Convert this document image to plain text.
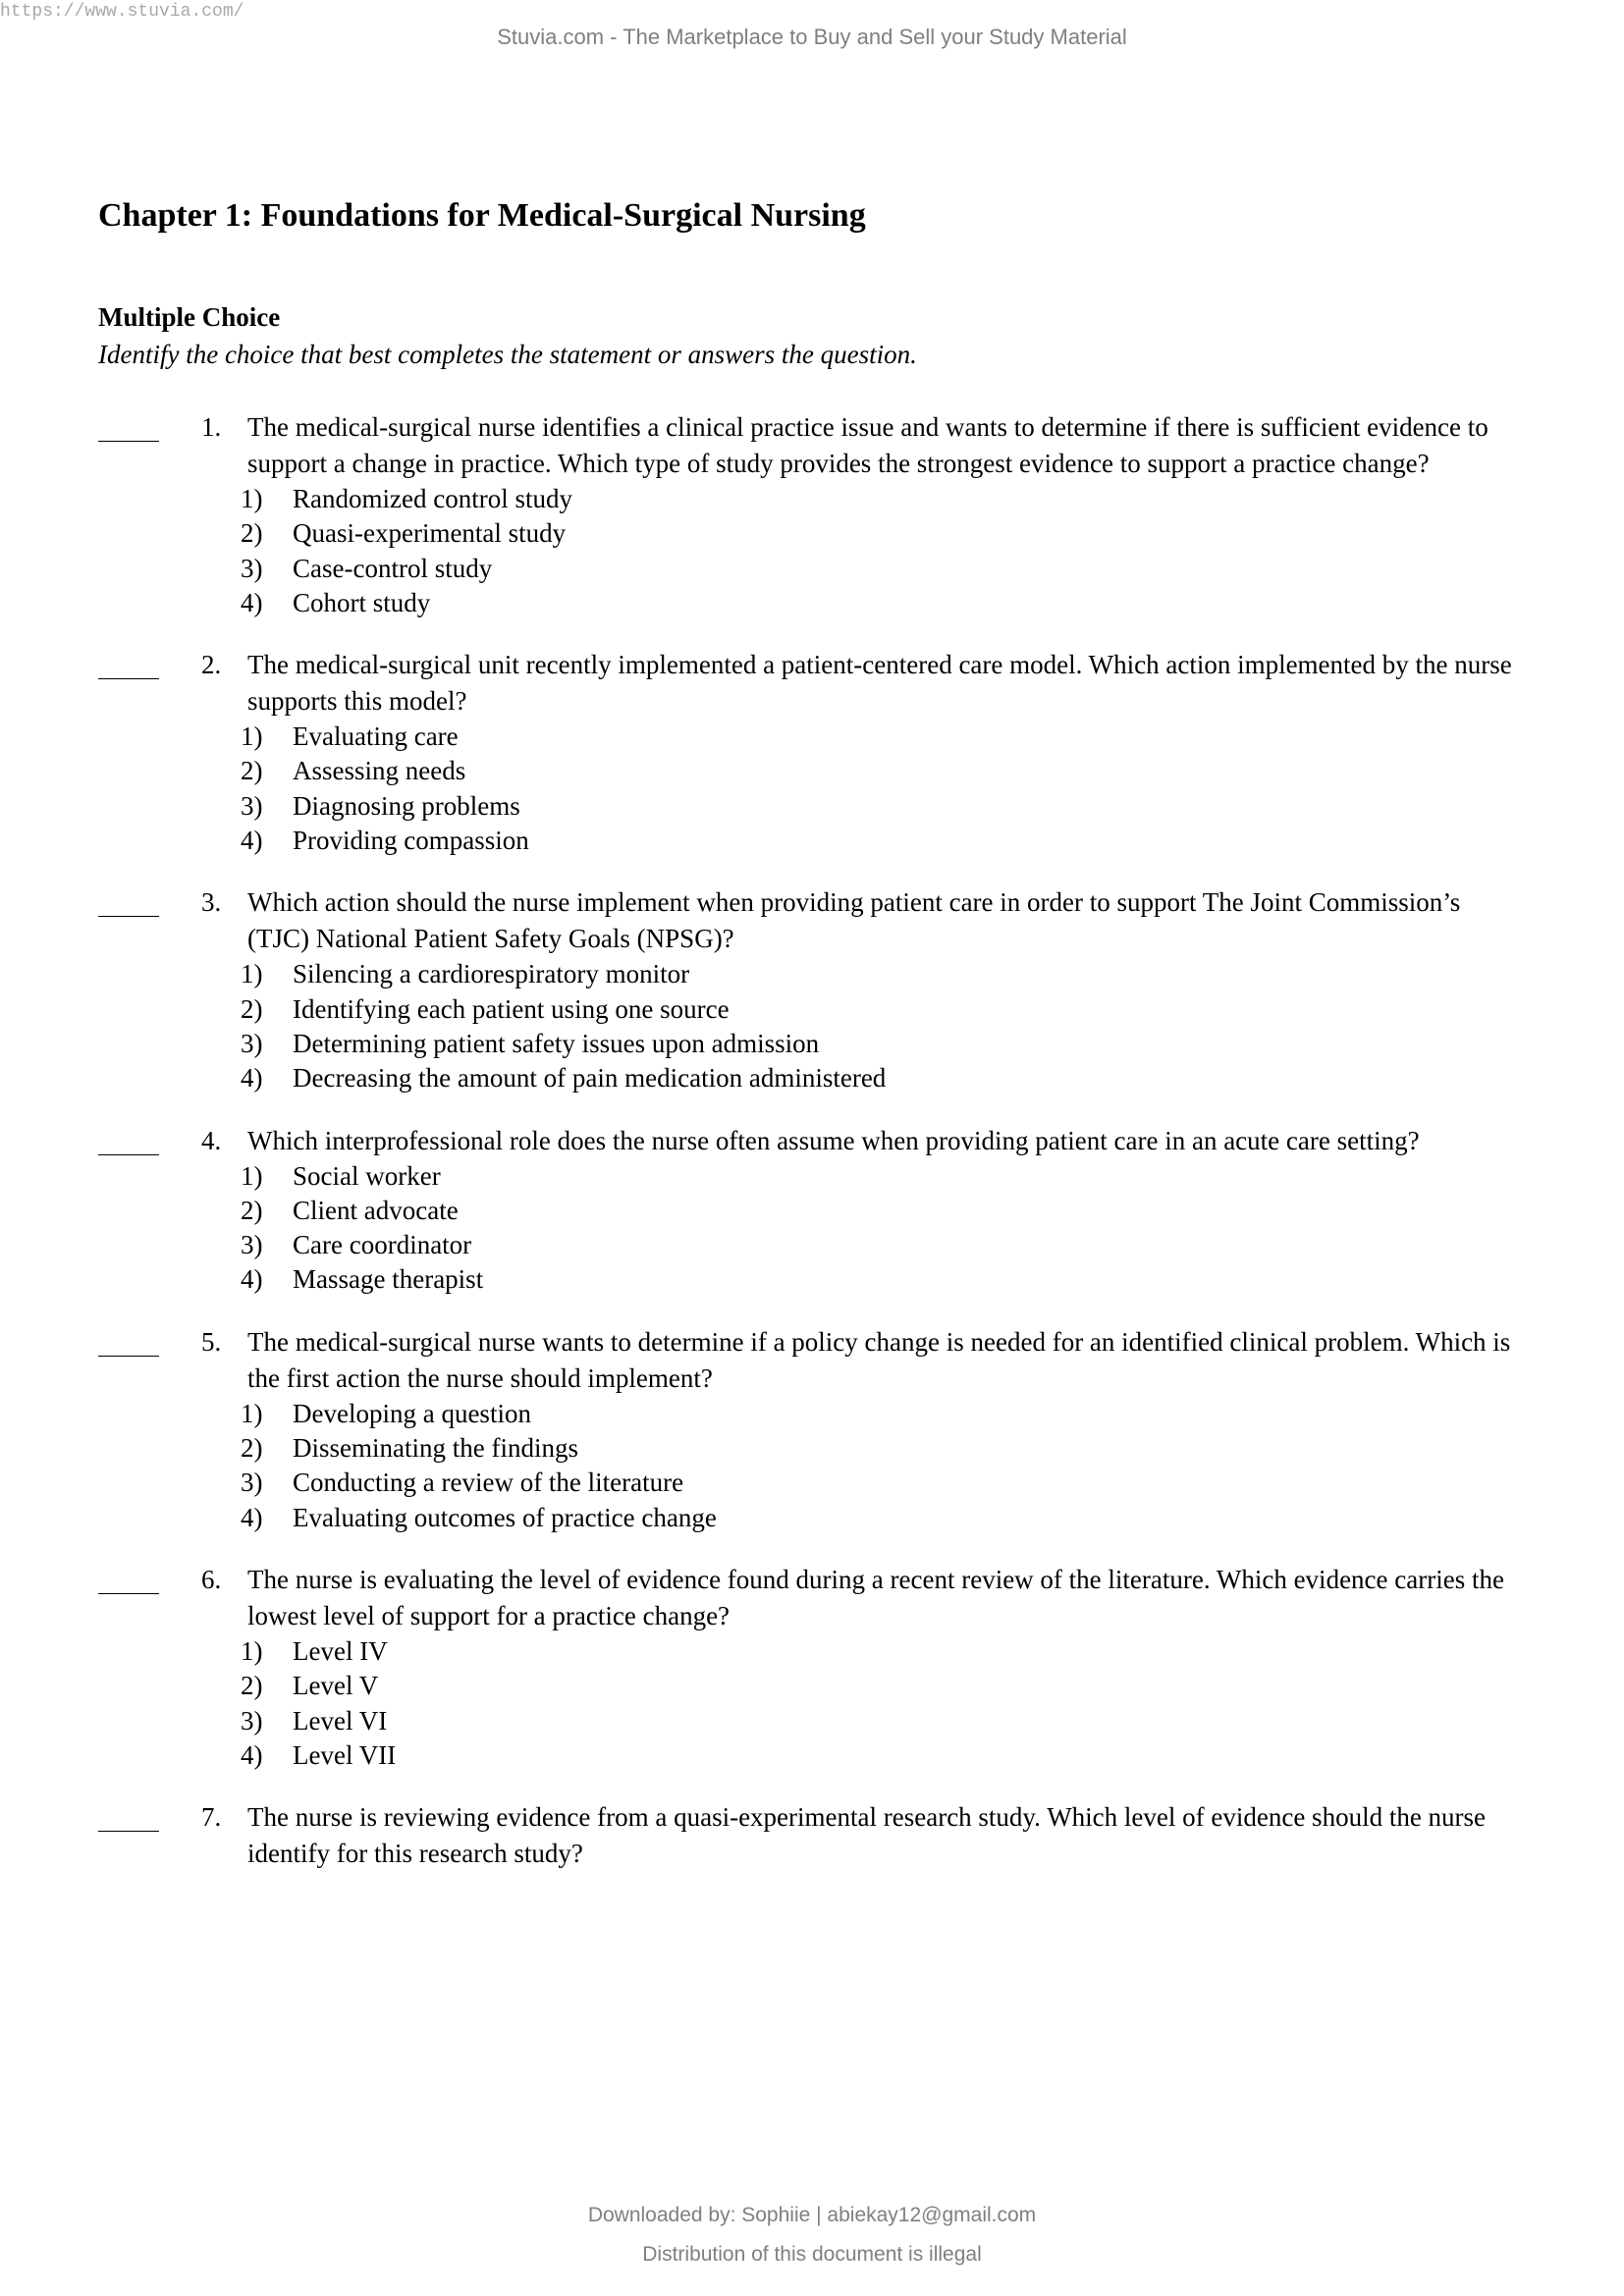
https://www.stuvia.com/
Stuvia.com - The Marketplace to Buy and Sell your Study Material
Chapter 1: Foundations for Medical-Surgical Nursing
Multiple Choice

Identify the choice that best completes the statement or answers the question.

1. The medical-surgical nurse identifies a clinical practice issue and wants to determine if there is sufficient evidence to support a change in practice. Which type of study provides the strongest evidence to support a practice change?
1) Randomized control study
2) Quasi-experimental study
3) Case-control study
4) Cohort study
2. The medical-surgical unit recently implemented a patient-centered care model. Which action implemented by the nurse supports this model?
1) Evaluating care
2) Assessing needs
3) Diagnosing problems
4) Providing compassion
3. Which action should the nurse implement when providing patient care in order to support The Joint Commission’s (TJC) National Patient Safety Goals (NPSG)?
1) Silencing a cardiorespiratory monitor
2) Identifying each patient using one source
3) Determining patient safety issues upon admission
4) Decreasing the amount of pain medication administered
4. Which interprofessional role does the nurse often assume when providing patient care in an acute care setting?
1) Social worker
2) Client advocate
3) Care coordinator
4) Massage therapist
5. The medical-surgical nurse wants to determine if a policy change is needed for an identified clinical problem. Which is the first action the nurse should implement?
1) Developing a question
2) Disseminating the findings
3) Conducting a review of the literature
4) Evaluating outcomes of practice change
6. The nurse is evaluating the level of evidence found during a recent review of the literature. Which evidence carries the lowest level of support for a practice change?
1) Level IV
2) Level V
3) Level VI
4) Level VII
7. The nurse is reviewing evidence from a quasi-experimental research study. Which level of evidence should the nurse identify for this research study?
Downloaded by: Sophiie | abiekay12@gmail.com
Distribution of this document is illegal
